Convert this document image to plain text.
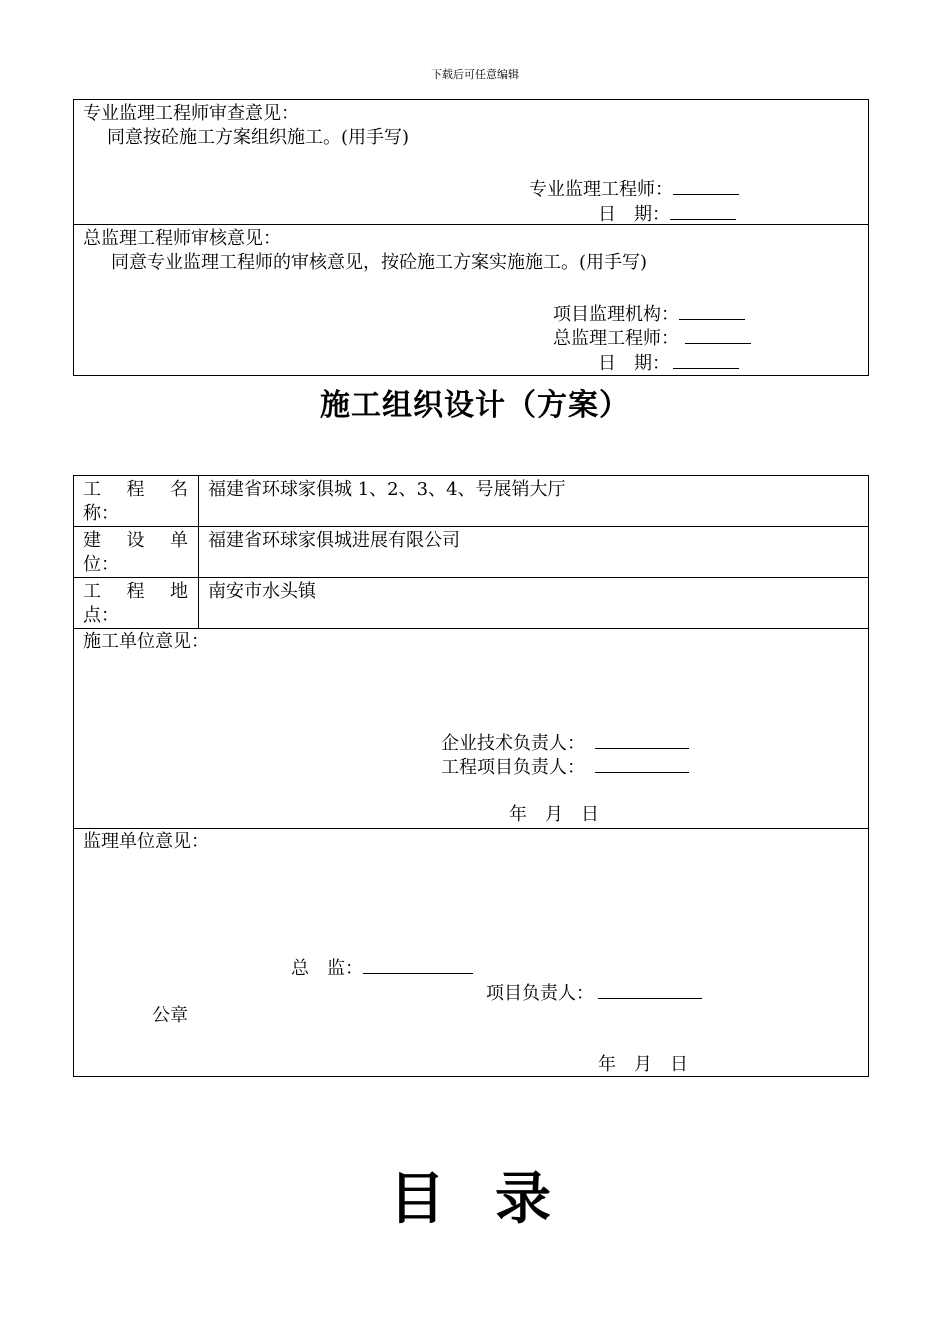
下载后可任意编辑
专业监理工程师审查意见：
同意按砼施工方案组织施工。(用手写)
专业监理工程师：
日　期：
总监理工程师审核意见：
同意专业监理工程师的审核意见，按砼施工方案实施施工。(用手写)
项目监理机构：
总监理工程师：
日　期：
施工组织设计（方案）
工 程 名
称：
福建省环球家俱城 1、2、3、4、号展销大厅
建 设 单
位：
福建省环球家俱城进展有限公司
工 程 地
点：
南安市水头镇
施工单位意见：
企业技术负责人：
工程项目负责人：
年　月　日
监理单位意见：
总　监：
项目负责人：
公章
年　月　日
目录
